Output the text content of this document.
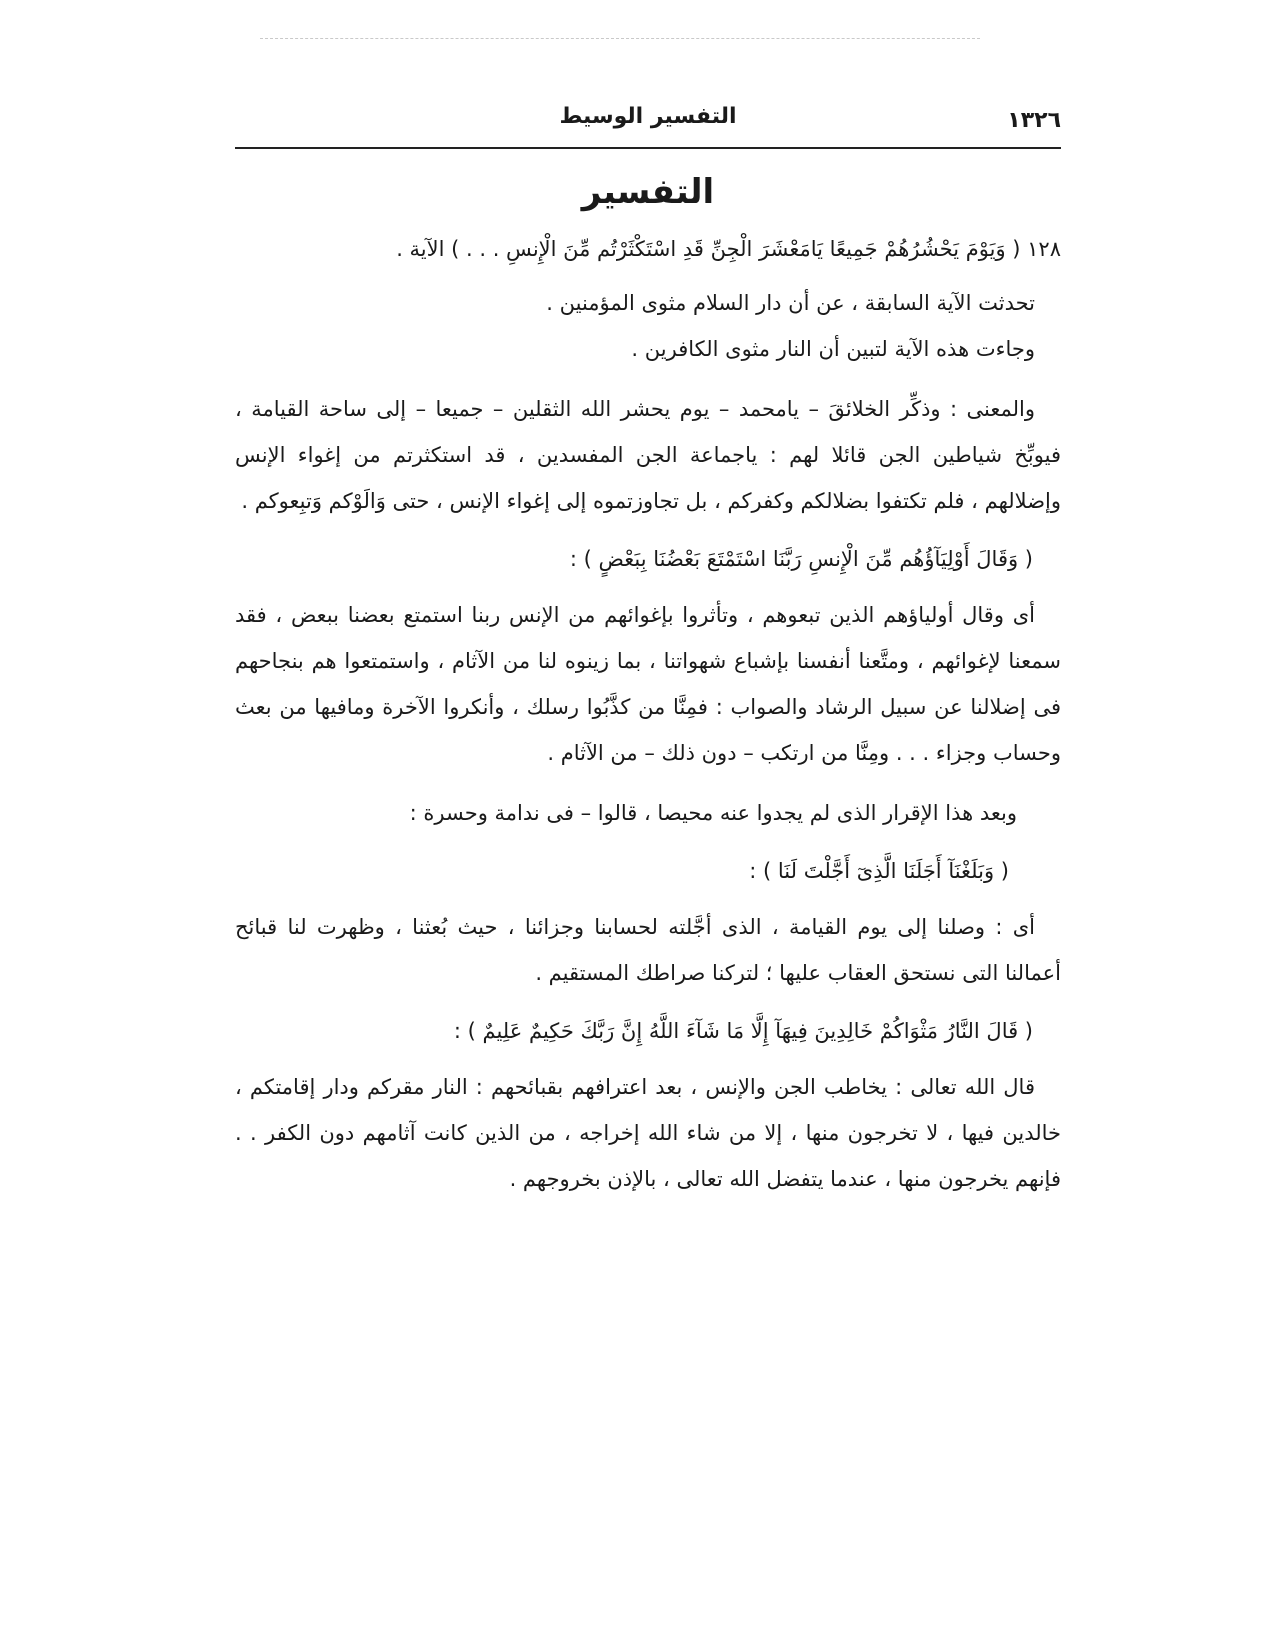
١٣٢٦
التفسير الوسيط
التفسير

١٢٨ ( وَيَوْمَ يَحْشُرُهُمْ جَمِيعًا يَامَعْشَرَ الْجِنِّ قَدِ اسْتَكْثَرْتُم مِّنَ الْإِنسِ . . . ) الآية .

تحدثت الآية السابقة ، عن أن دار السلام مثوى المؤمنين .

وجاءت هذه الآية لتبين أن النار مثوى الكافرين .

والمعنى : وذكِّر الخلائقَ – يامحمد – يوم يحشر الله الثقلين – جميعا – إلى ساحة القيامة ، فيوبِّخ شياطين الجن قائلا لهم : ياجماعة الجن المفسدين ، قد استكثرتم من إغواء الإنس وإضلالهم ، فلم تكتفوا بضلالكم وكفركم ، بل تجاوزتموه إلى إغواء الإنس ، حتى وَالَوْكم وَتبِعوكم .

( وَقَالَ أَوْلِيَآؤُهُم مِّنَ الْإِنسِ رَبَّنَا اسْتَمْتَعَ بَعْضُنَا بِبَعْضٍ ) :

أى وقال أولياؤهم الذين تبعوهم ، وتأثروا بإغوائهم من الإنس ربنا استمتع بعضنا ببعض ، فقد سمعنا لإغوائهم ، ومتَّعنا أنفسنا بإشباع شهواتنا ، بما زينوه لنا من الآثام ، واستمتعوا هم بنجاحهم فى إضلالنا عن سبيل الرشاد والصواب : فمِنَّا من كذَّبُوا رسلك ، وأنكروا الآخرة ومافيها من بعث وحساب وجزاء . . . ومِنَّا من ارتكب – دون ذلك – من الآثام .

وبعد هذا الإقرار الذى لم يجدوا عنه محيصا ، قالوا – فى ندامة وحسرة :

( وَبَلَغْنَآ أَجَلَنَا الَّذِىٓ أَجَّلْتَ لَنَا ) :

أى : وصلنا إلى يوم القيامة ، الذى أجَّلته لحسابنا وجزائنا ، حيث بُعثنا ، وظهرت لنا قبائح أعمالنا التى نستحق العقاب عليها ؛ لتركنا صراطك المستقيم .

( قَالَ النَّارُ مَثْوَاكُمْ خَالِدِينَ فِيهَآ إِلَّا مَا شَآءَ اللَّهُ إِنَّ رَبَّكَ حَكِيمٌ عَلِيمٌ ) :

قال الله تعالى : يخاطب الجن والإنس ، بعد اعترافهم بقبائحهم : النار مقركم ودار إقامتكم ، خالدين فيها ، لا تخرجون منها ، إلا من شاء الله إخراجه ، من الذين كانت آثامهم دون الكفر . . فإنهم يخرجون منها ، عندما يتفضل الله تعالى ، بالإذن بخروجهم .
